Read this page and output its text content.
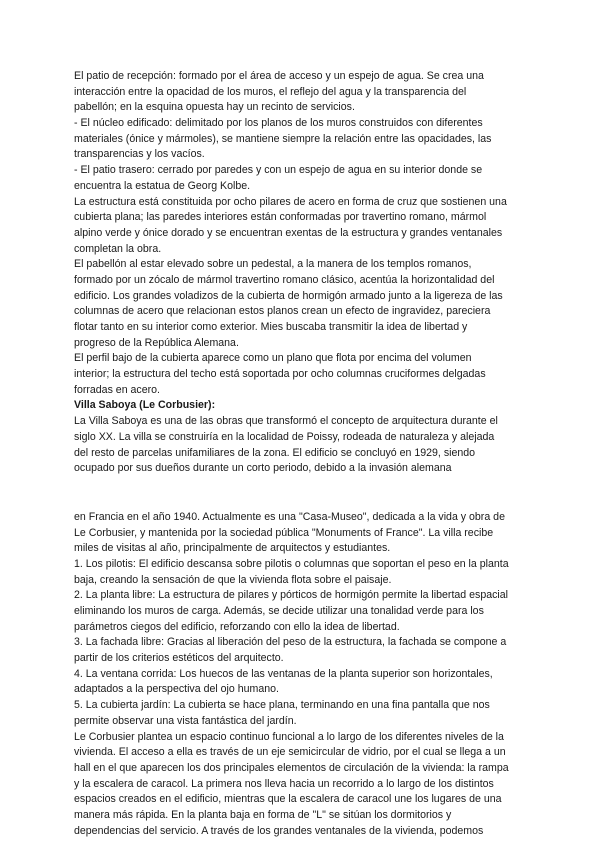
El patio de recepción: formado por el área de acceso y un espejo de agua. Se crea una
interacción entre la opacidad de los muros, el reflejo del agua y la transparencia del
pabellón; en la esquina opuesta hay un recinto de servicios.
- El núcleo edificado: delimitado por los planos de los muros construidos con diferentes
materiales (ónice y mármoles), se mantiene siempre la relación entre las opacidades, las
transparencias y los vacíos.
- El patio trasero: cerrado por paredes y con un espejo de agua en su interior donde se
encuentra la estatua de Georg Kolbe.
La estructura está constituida por ocho pilares de acero en forma de cruz que sostienen una
cubierta plana; las paredes interiores están conformadas por travertino romano, mármol
alpino verde y ónice dorado y se encuentran exentas de la estructura y grandes ventanales
completan la obra.
El pabellón al estar elevado sobre un pedestal, a la manera de los templos romanos,
formado por un zócalo de mármol travertino romano clásico, acentúa la horizontalidad del
edificio. Los grandes voladizos de la cubierta de hormigón armado junto a la ligereza de las
columnas de acero que relacionan estos planos crean un efecto de ingravidez, pareciera
flotar tanto en su interior como exterior. Mies buscaba transmitir la idea de libertad y
progreso de la República Alemana.
El perfil bajo de la cubierta aparece como un plano que flota por encima del volumen
interior; la estructura del techo está soportada por ocho columnas cruciformes delgadas
forradas en acero.
Villa Saboya (Le Corbusier):
La Villa Saboya es una de las obras que transformó el concepto de arquitectura durante el
siglo XX. La villa se construiría en la localidad de Poissy, rodeada de naturaleza y alejada
del resto de parcelas unifamiliares de la zona. El edificio se concluyó en 1929, siendo
ocupado por sus dueños durante un corto periodo, debido a la invasión alemana
en Francia en el año 1940. Actualmente es una "Casa-Museo", dedicada a la vida y obra de
Le Corbusier, y mantenida por la sociedad pública "Monuments of France". La villa recibe
miles de visitas al año, principalmente de arquitectos y estudiantes.
1. Los pilotis: El edificio descansa sobre pilotis o columnas que soportan el peso en la planta
baja, creando la sensación de que la vivienda flota sobre el paisaje.
2. La planta libre: La estructura de pilares y pórticos de hormigón permite la libertad espacial
eliminando los muros de carga. Además, se decide utilizar una tonalidad verde para los
parámetros ciegos del edificio, reforzando con ello la idea de libertad.
3. La fachada libre: Gracias al liberación del peso de la estructura, la fachada se compone a
partir de los criterios estéticos del arquitecto.
4. La ventana corrida: Los huecos de las ventanas de la planta superior son horizontales,
adaptados a la perspectiva del ojo humano.
5. La cubierta jardín: La cubierta se hace plana, terminando en una fina pantalla que nos
permite observar una vista fantástica del jardín.
Le Corbusier plantea un espacio continuo funcional a lo largo de los diferentes niveles de la
vivienda. El acceso a ella es través de un eje semicircular de vidrio, por el cual se llega a un
hall en el que aparecen los dos principales elementos de circulación de la vivienda: la rampa
y la escalera de caracol. La primera nos lleva hacia un recorrido a lo largo de los distintos
espacios creados en el edificio, mientras que la escalera de caracol une los lugares de una
manera más rápida. En la planta baja en forma de "L" se sitúan los dormitorios y
dependencias del servicio. A través de los grandes ventanales de la vivienda, podemos
